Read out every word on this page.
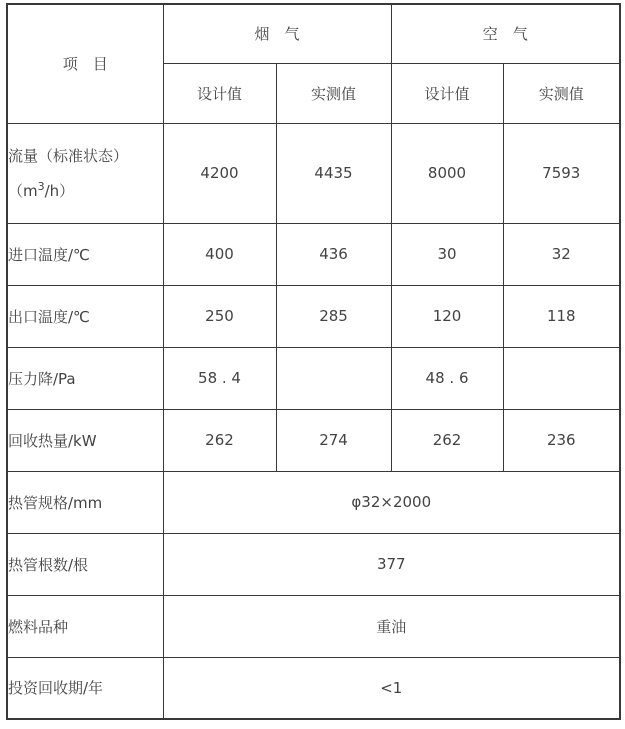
项　目	烟　气		空　气	
	设计值	实测值	设计值	实测值

流量（标准状态）
$(m^3/h)$	4200	4435	8000	7593
进口温度/℃	400	436	30	32
出口温度/℃	250	285	120	118
压力降/Pa	58 . 4		48 . 6	
回收热量/kW	262	274	262	236
热管规格/mm	φ32×2000			
热管根数/根	377			
燃料品种	重油			
投资回收期/年	<1			
